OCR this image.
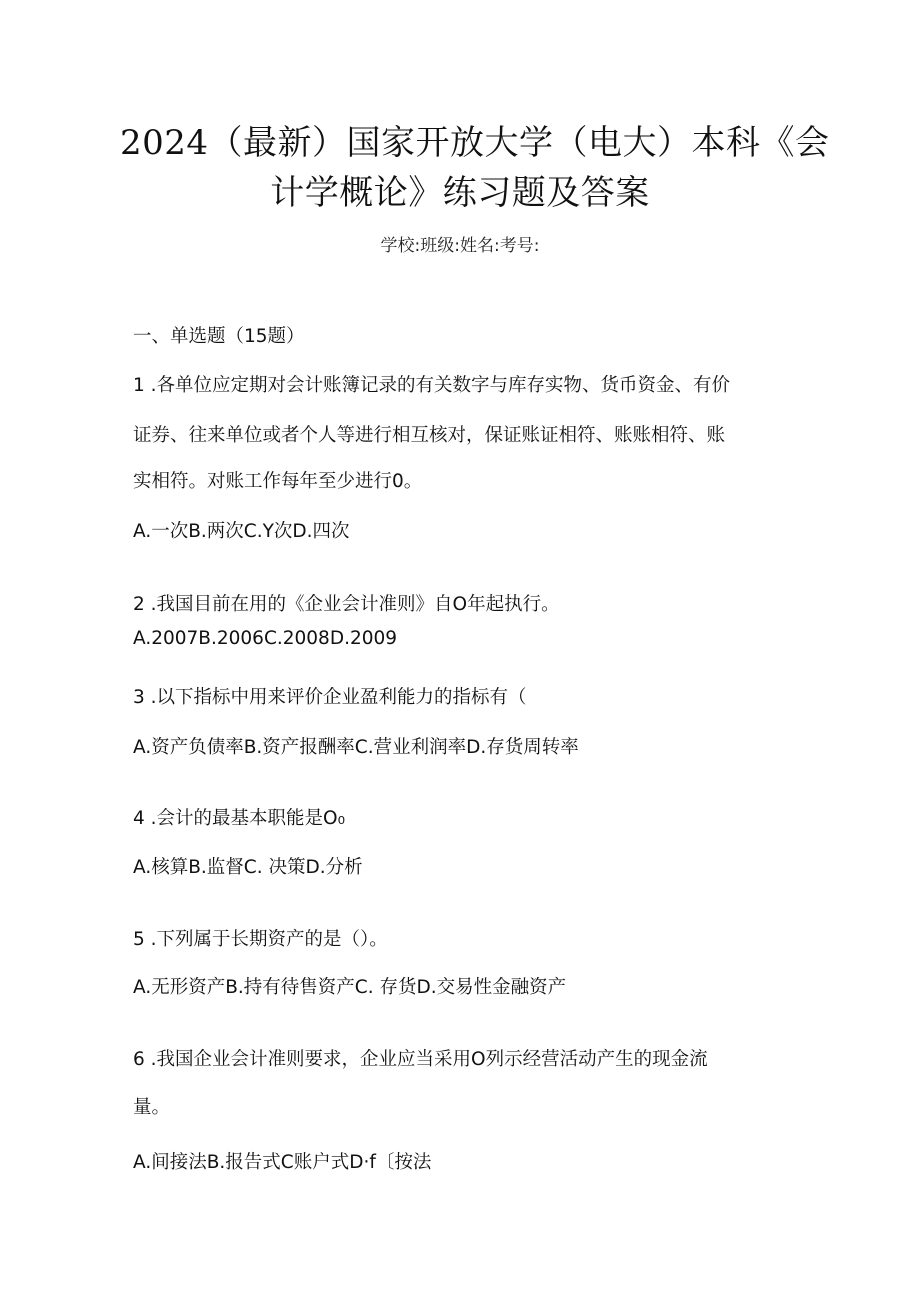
2024（最新）国家开放大学（电大）本科《会
计学概论》练习题及答案
学校:班级:姓名:考号:
一、单选题（15题）
1 .各单位应定期对会计账簿记录的有关数字与库存实物、货币资金、有价
证券、往来单位或者个人等进行相互核对，保证账证相符、账账相符、账
实相符。对账工作每年至少进行0。
A.一次B.两次C.Y次D.四次
2 .我国目前在用的《企业会计准则》自O年起执行。
A.2007B.2006C.2008D.2009
3 .以下指标中用来评价企业盈利能力的指标有（
A.资产负债率B.资产报酬率C.营业利润率D.存货周转率
4 .会计的最基本职能是O₀
A.核算B.监督C. 决策D.分析
5 .下列属于长期资产的是（）。
A.无形资产B.持有待售资产C. 存货D.交易性金融资产
6 .我国企业会计准则要求，企业应当采用O列示经营活动产生的现金流
量。
A.间接法B.报告式C账户式D·f〔按法
